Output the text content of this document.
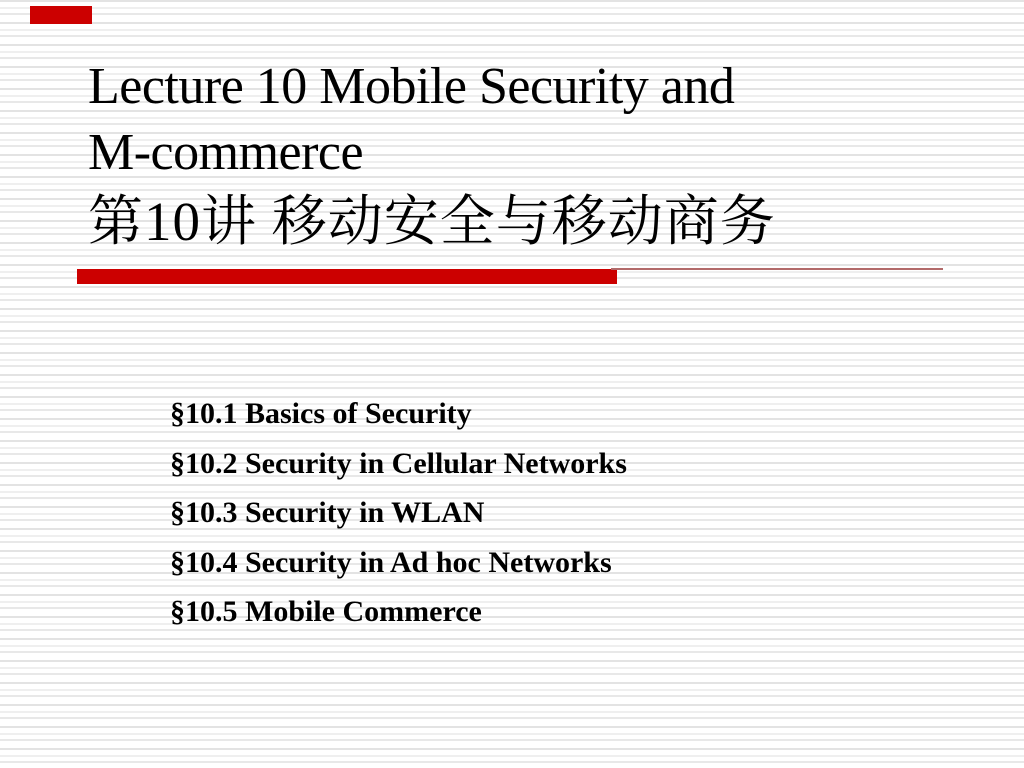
Lecture 10 Mobile Security and
M-commerce
第10讲 移动安全与移动商务
§10.1 Basics of Security
§10.2 Security in Cellular Networks
§10.3 Security in WLAN
§10.4 Security in Ad hoc Networks
§10.5 Mobile Commerce
